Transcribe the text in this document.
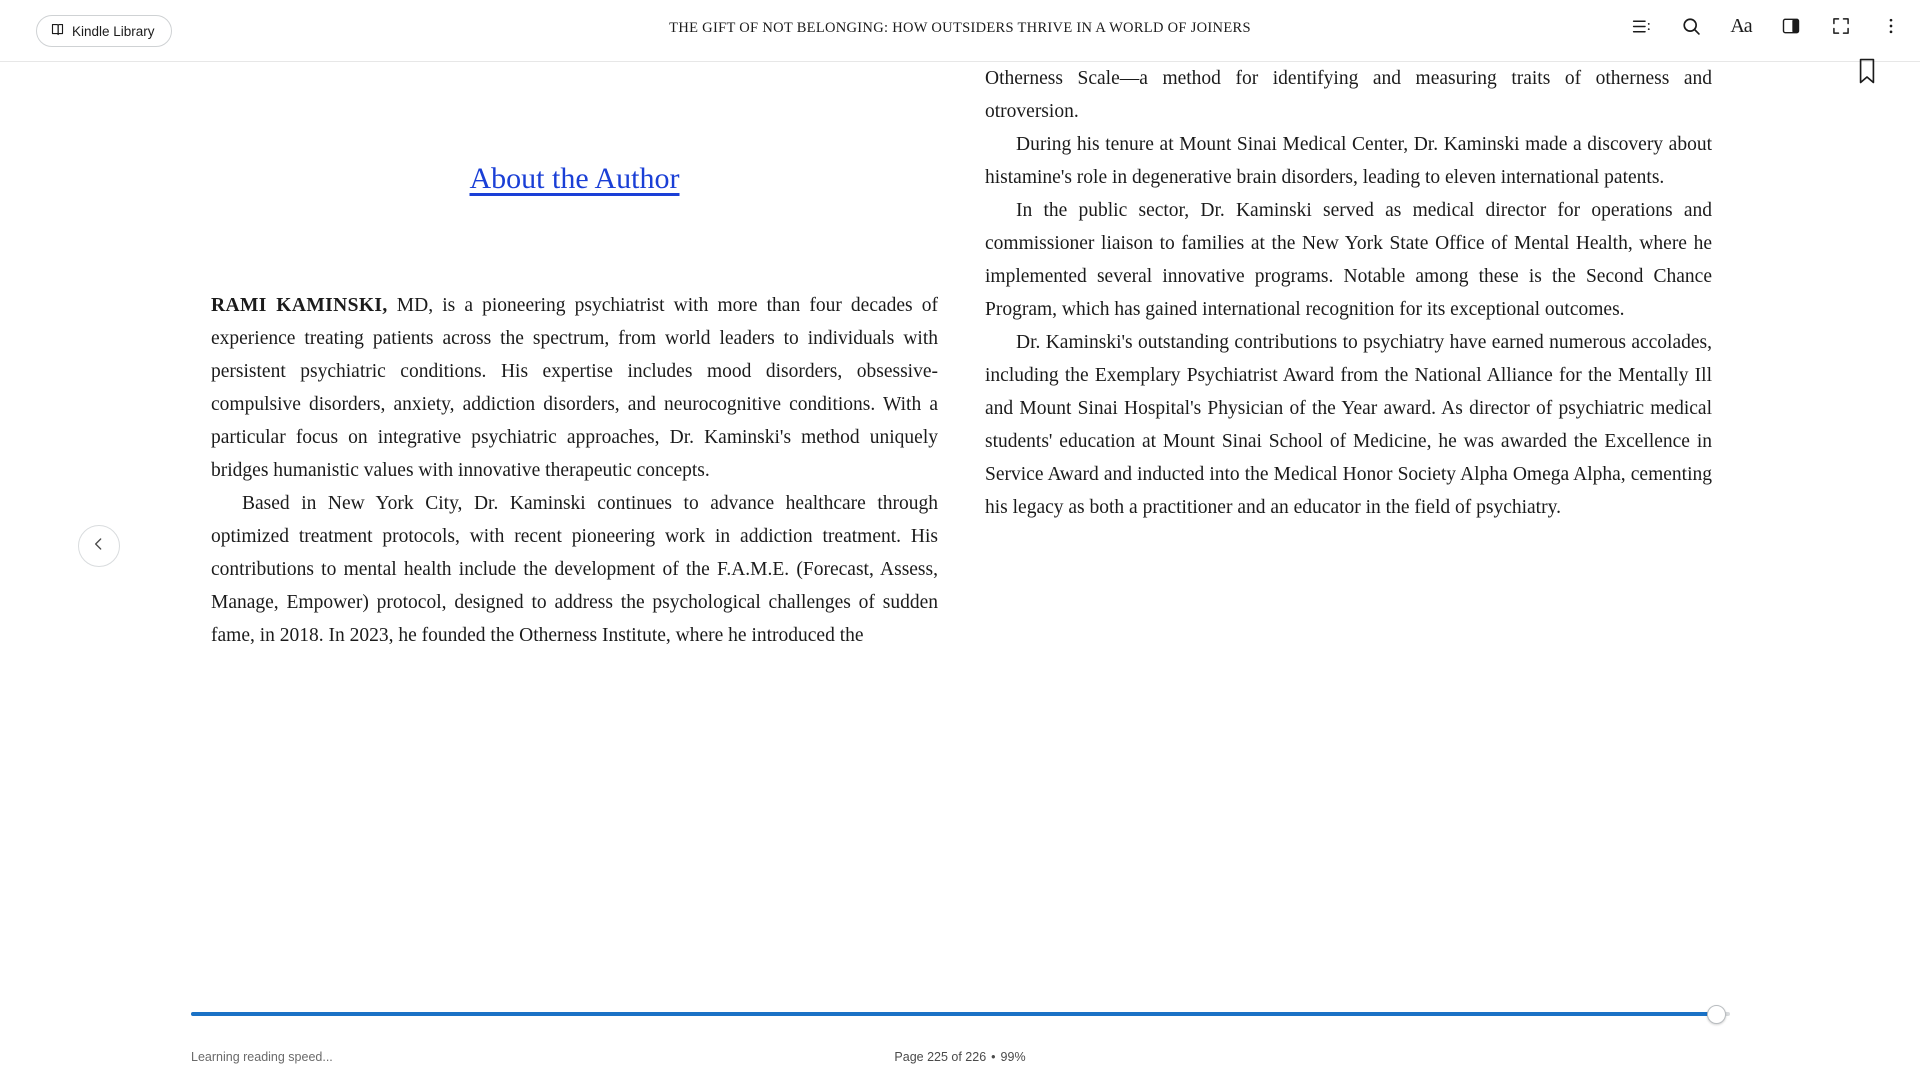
Kindle Library	THE GIFT OF NOT BELONGING: HOW OUTSIDERS THRIVE IN A WORLD OF JOINERS	Aa
About the Author

RAMI KAMINSKI, MD, is a pioneering psychiatrist with more than four decades of experience treating patients across the spectrum, from world leaders to individuals with persistent psychiatric conditions. His expertise includes mood disorders, obsessive-compulsive disorders, anxiety, addiction disorders, and neurocognitive conditions. With a particular focus on integrative psychiatric approaches, Dr. Kaminski's method uniquely bridges humanistic values with innovative therapeutic concepts.

Based in New York City, Dr. Kaminski continues to advance healthcare through optimized treatment protocols, with recent pioneering work in addiction treatment. His contributions to mental health include the development of the F.A.M.E. (Forecast, Assess, Manage, Empower) protocol, designed to address the psychological challenges of sudden fame, in 2018. In 2023, he founded the Otherness Institute, where he introduced the

Otherness Scale—a method for identifying and measuring traits of otherness and otroversion.

During his tenure at Mount Sinai Medical Center, Dr. Kaminski made a discovery about histamine's role in degenerative brain disorders, leading to eleven international patents.

In the public sector, Dr. Kaminski served as medical director for operations and commissioner liaison to families at the New York State Office of Mental Health, where he implemented several innovative programs. Notable among these is the Second Chance Program, which has gained international recognition for its exceptional outcomes.

Dr. Kaminski's outstanding contributions to psychiatry have earned numerous accolades, including the Exemplary Psychiatrist Award from the National Alliance for the Mentally Ill and Mount Sinai Hospital's Physician of the Year award. As director of psychiatric medical students' education at Mount Sinai School of Medicine, he was awarded the Excellence in Service Award and inducted into the Medical Honor Society Alpha Omega Alpha, cementing his legacy as both a practitioner and an educator in the field of psychiatry.

Learning reading speed...	Page 225 of 226 • 99%
